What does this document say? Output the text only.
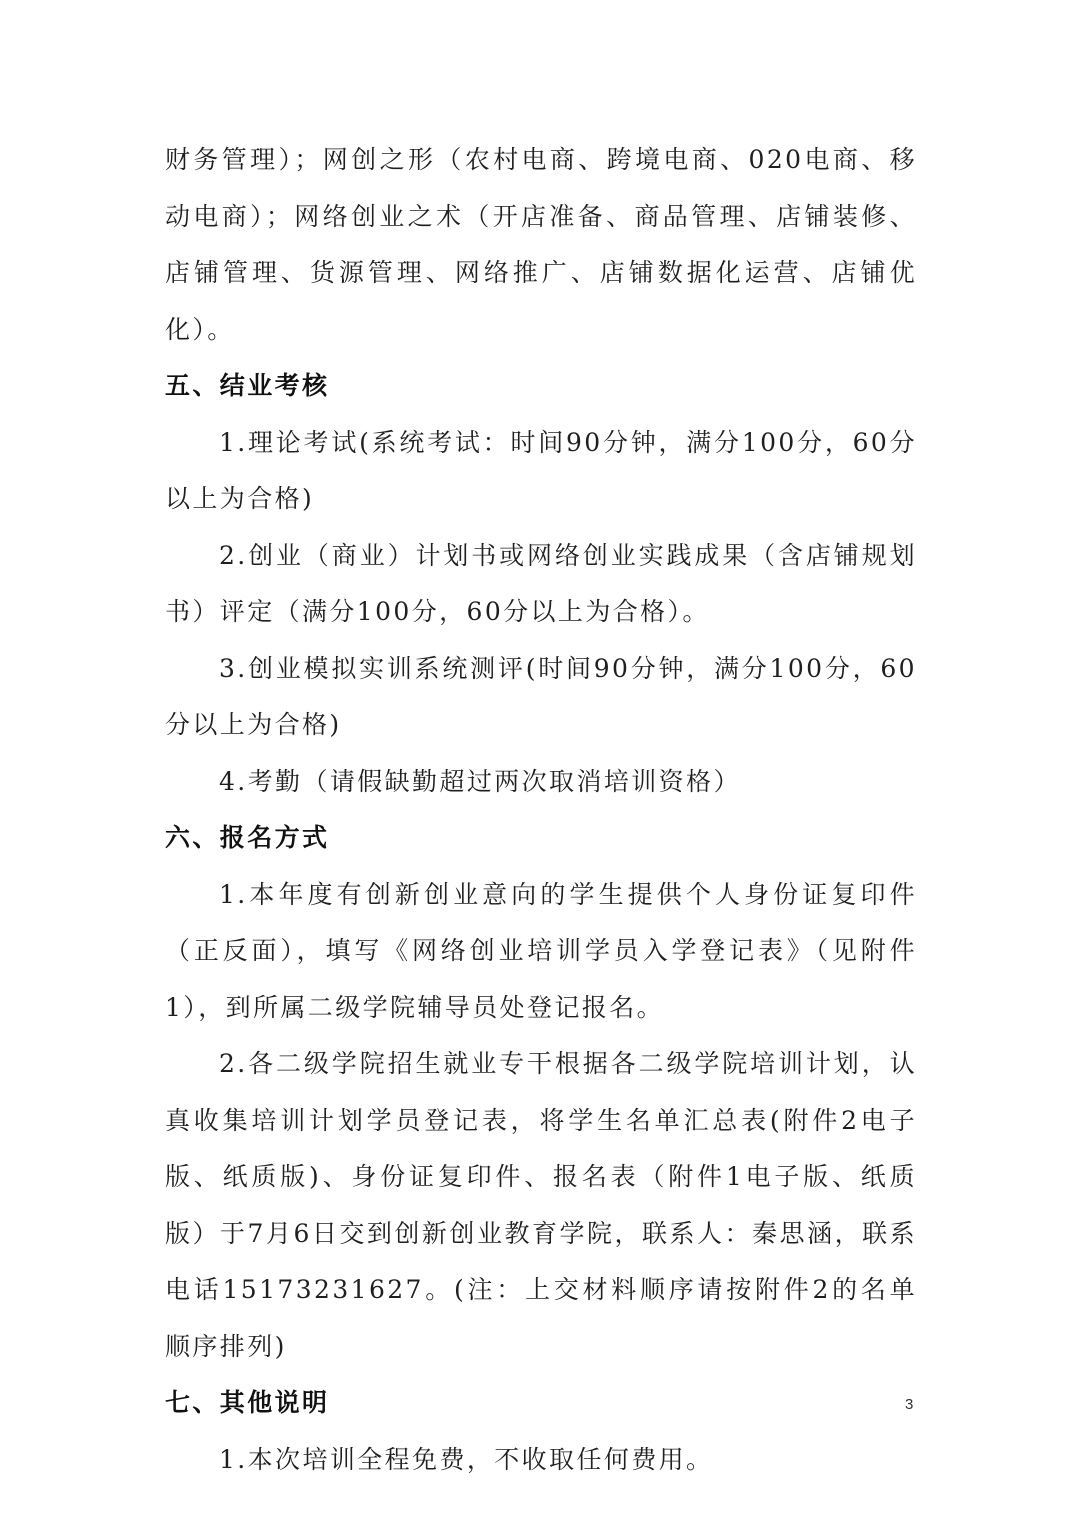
财务管理）；网创之形（农村电商、跨境电商、020电商、移动电商）；网络创业之术（开店准备、商品管理、店铺装修、店铺管理、货源管理、网络推广、店铺数据化运营、店铺优化）。

五、结业考核

1.理论考试(系统考试：时间90分钟，满分100分，60分以上为合格)

2.创业（商业）计划书或网络创业实践成果（含店铺规划书）评定（满分100分，60分以上为合格）。

3.创业模拟实训系统测评(时间90分钟，满分100分，60分以上为合格)

4.考勤（请假缺勤超过两次取消培训资格）

六、报名方式

1.本年度有创新创业意向的学生提供个人身份证复印件（正反面），填写《网络创业培训学员入学登记表》（见附件1），到所属二级学院辅导员处登记报名。

2.各二级学院招生就业专干根据各二级学院培训计划，认真收集培训计划学员登记表，将学生名单汇总表(附件2电子版、纸质版)、身份证复印件、报名表（附件1电子版、纸质版）于7月6日交到创新创业教育学院，联系人：秦思涵，联系电话15173231627。(注：上交材料顺序请按附件2的名单顺序排列)

七、其他说明

1.本次培训全程免费，不收取任何费用。

3
